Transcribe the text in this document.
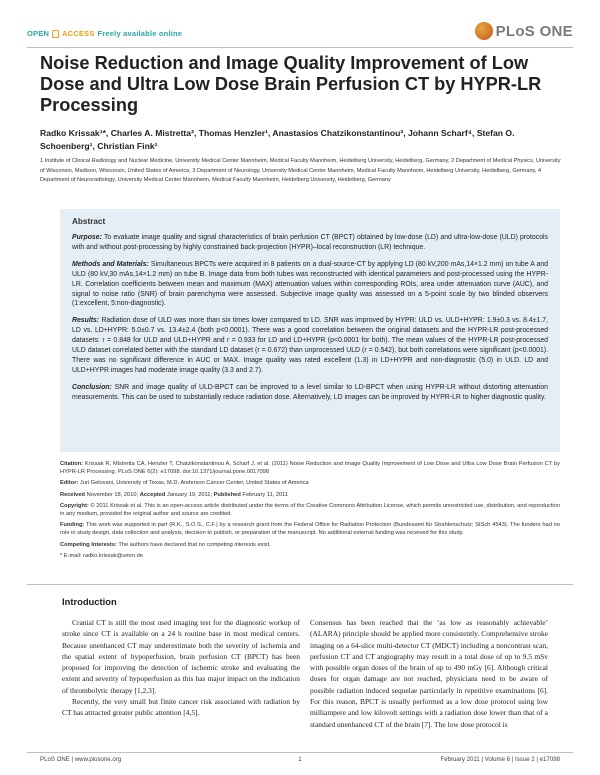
OPEN ACCESS Freely available online	PLoS ONE
Noise Reduction and Image Quality Improvement of Low Dose and Ultra Low Dose Brain Perfusion CT by HYPR-LR Processing
Radko Krissak¹*, Charles A. Mistretta², Thomas Henzler¹, Anastasios Chatzikonstantinou³, Johann Scharf⁴, Stefan O. Schoenberg¹, Christian Fink¹
1 Institute of Clinical Radiology and Nuclear Medicine, University Medical Center Mannheim, Medical Faculty Mannheim, Heidelberg University, Heidelberg, Germany, 2 Department of Medical Physics, University of Wisconsin, Madison, Wisconsin, United States of America, 3 Department of Neurology, University Medical Center Mannheim, Medical Faculty Mannheim, Heidelberg University, Heidelberg, Germany, 4 Department of Neuroradiology, University Medical Center Mannheim, Medical Faculty Mannheim, Heidelberg University, Heidelberg, Germany
Abstract

Purpose: To evaluate image quality and signal characteristics of brain perfusion CT (BPCT) obtained by low-dose (LD) and ultra-low-dose (ULD) protocols with and without post-processing by highly constrained back-projection (HYPR)–local reconstruction (LR) technique.

Methods and Materials: Simultaneous BPCTs were acquired in 8 patients on a dual-source-CT by applying LD (80 kV,200 mAs,14×1.2 mm) on tube A and ULD (80 kV,30 mAs,14×1.2 mm) on tube B. Image data from both tubes was reconstructed with identical parameters and post-processed using the HYPR-LR. Correlation coefficients between mean and maximum (MAX) attenuation values within corresponding ROIs, area under attenuation curve (AUC), and signal to noise ratio (SNR) of brain parenchyma were assessed. Subjective image quality was assessed on a 5-point scale by two blinded observers (1:excellent, 5:non-diagnostic).

Results: Radiation dose of ULD was more than six times lower compared to LD. SNR was improved by HYPR: ULD vs. ULD+HYPR: 1.9±0.3 vs. 8.4±1.7, LD vs. LD+HYPR: 5.0±0.7 vs. 13.4±2.4 (both p<0.0001). There was a good correlation between the original datasets and the HYPR-LR post-processed datasets: r = 0.848 for ULD and ULD+HYPR and r = 0.933 for LD and LD+HYPR (p<0.0001 for both). The mean values of the HYPR-LR post-processed ULD dataset correlated better with the standard LD dataset (r = 0.672) than unprocessed ULD (r = 0.542), but both correlations were significant (p<0.0001). There was no significant difference in AUC or MAX. Image quality was rated excellent (1.3) in LD+HYPR and non-diagnostic (5.0) in ULD. LD and ULD+HYPR images had moderate image quality (3.3 and 2.7).

Conclusion: SNR and image quality of ULD-BPCT can be improved to a level similar to LD-BPCT when using HYPR-LR without distorting attenuation measurements. This can be used to substantially reduce radiation dose. Alternatively, LD images can be improved by HYPR-LR to higher diagnostic quality.

Citation: Krissak R, Mistretta CA, Henzler T, Chatzikonstantinou A, Scharf J, et al. (2011) Noise Reduction and Image Quality Improvement of Low Dose and Ultra Low Dose Brain Perfusion CT by HYPR-LR Processing. PLoS ONE 6(2): e17098. doi:10.1371/journal.pone.0017098

Editor: Juri Gelovani, University of Texas, M.D. Anderson Cancer Center, United States of America

Received November 18, 2010; Accepted January 19, 2011; Published February 11, 2011

Copyright: © 2011 Krissak et al. This is an open-access article distributed under the terms of the Creative Commons Attribution License, which permits unrestricted use, distribution, and reproduction in any medium, provided the original author and source are credited.

Funding: This work was supported in part (R.K., S.O.S., C.F.) by a research grant from the Federal Office for Radiation Protection (Bundesamt für Strahlenschutz; StSch 4543). The funders had no role in study design, data collection and analysis, decision to publish, or preparation of the manuscript. No additional external funding was received for this study.

Competing Interests: The authors have declared that no competing interests exist.

* E-mail: radko.krissak@umm.de

Introduction

Cranial CT is still the most used imaging test for the diagnostic workup of stroke since CT is available on a 24 h routine base in most medical centers. Because unenhanced CT may underestimate both the severity of ischemia and the spatial extent of hypoperfusion, brain perfusion CT (BPCT) has been proposed for improving the detection of ischemic stroke and evaluating the extent and severity of hypoperfusion as this has major impact on the indication of thrombolytic therapy [1,2,3].

Recently, the very small but finite cancer risk associated with radiation by CT has attracted greater public attention [4,5].

Consensus has been reached that the ‘as low as reasonably achievable’ (ALARA) principle should be applied more consistently. Comprehensive stroke imaging on a 64-slice multi-detector CT (MDCT) including a noncontrast scan, perfusion CT and CT angiography may result in a total dose of up to 9.5 mSv with possible organ doses of the brain of up to 490 mGy [6]. Although critical doses for organ damage are not reached, physicians need to be aware of possible radiation induced sequelae particularly in repetitive examinations [6]. For this reason, BPCT is usually performed as a low dose protocol using low milliampere and low kilovolt settings with a radiation dose lower than that of a standard unenhanced CT of the brain [7]. The low dose protocol is

PLoS ONE | www.plosone.org	1	February 2011 | Volume 6 | Issue 2 | e17098
